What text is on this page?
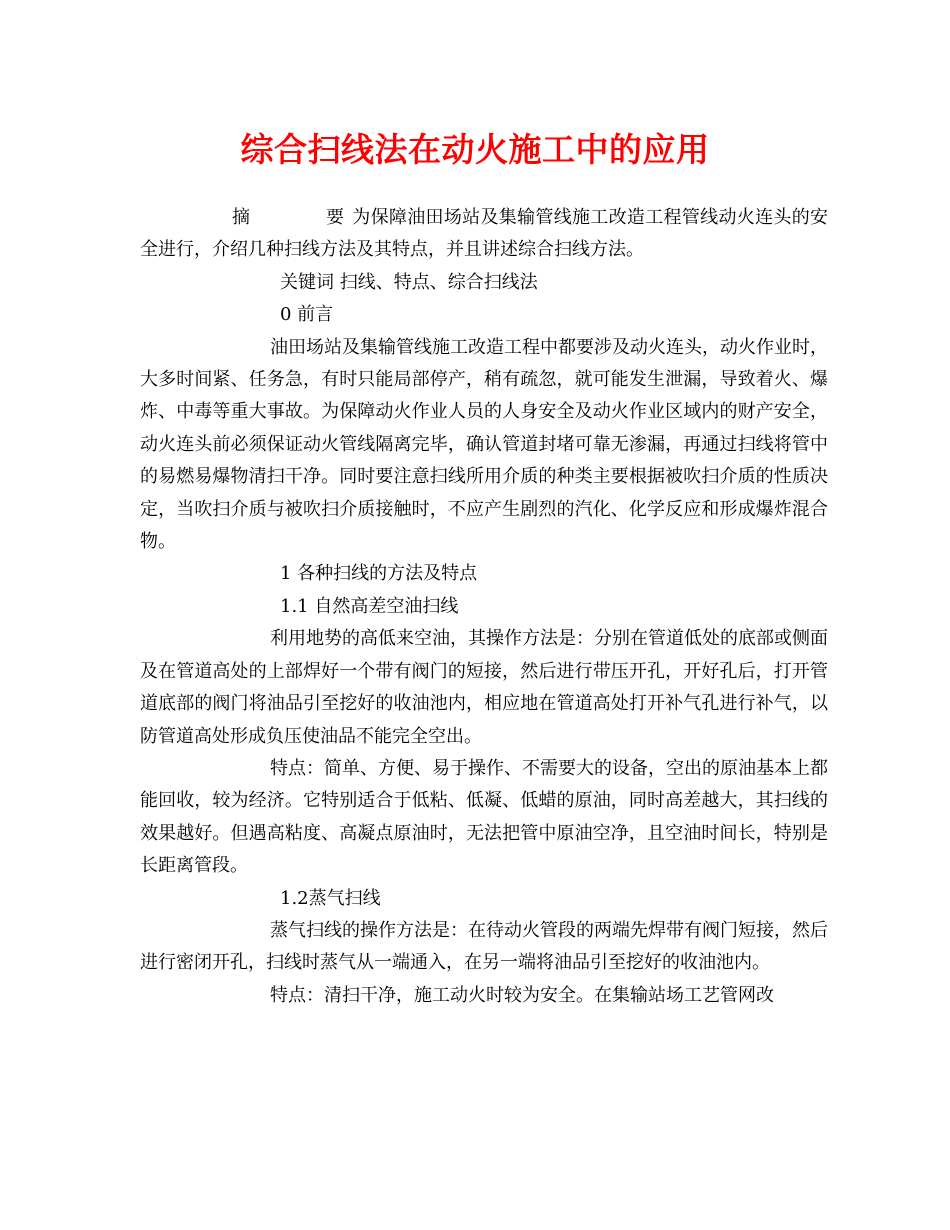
综合扫线法在动火施工中的应用

摘	要 为保障油田场站及集输管线施工改造工程管线动火连头的安全进行，介绍几种扫线方法及其特点，并且讲述综合扫线方法。

关键词 扫线、特点、综合扫线法

0 前言

油田场站及集输管线施工改造工程中都要涉及动火连头，动火作业时，大多时间紧、任务急，有时只能局部停产，稍有疏忽，就可能发生泄漏，导致着火、爆炸、中毒等重大事故。为保障动火作业人员的人身安全及动火作业区域内的财产安全，动火连头前必须保证动火管线隔离完毕，确认管道封堵可靠无渗漏，再通过扫线将管中的易燃易爆物清扫干净。同时要注意扫线所用介质的种类主要根据被吹扫介质的性质决定，当吹扫介质与被吹扫介质接触时，不应产生剧烈的汽化、化学反应和形成爆炸混合物。

1 各种扫线的方法及特点

1.1 自然高差空油扫线

利用地势的高低来空油，其操作方法是：分别在管道低处的底部或侧面及在管道高处的上部焊好一个带有阀门的短接，然后进行带压开孔，开好孔后，打开管道底部的阀门将油品引至挖好的收油池内，相应地在管道高处打开补气孔进行补气，以防管道高处形成负压使油品不能完全空出。

特点：简单、方便、易于操作、不需要大的设备，空出的原油基本上都能回收，较为经济。它特别适合于低粘、低凝、低蜡的原油，同时高差越大，其扫线的效果越好。但遇高粘度、高凝点原油时，无法把管中原油空净，且空油时间长，特别是长距离管段。

1.2蒸气扫线

蒸气扫线的操作方法是：在待动火管段的两端先焊带有阀门短接，然后进行密闭开孔，扫线时蒸气从一端通入，在另一端将油品引至挖好的收油池内。

特点：清扫干净，施工动火时较为安全。在集输站场工艺管网改
